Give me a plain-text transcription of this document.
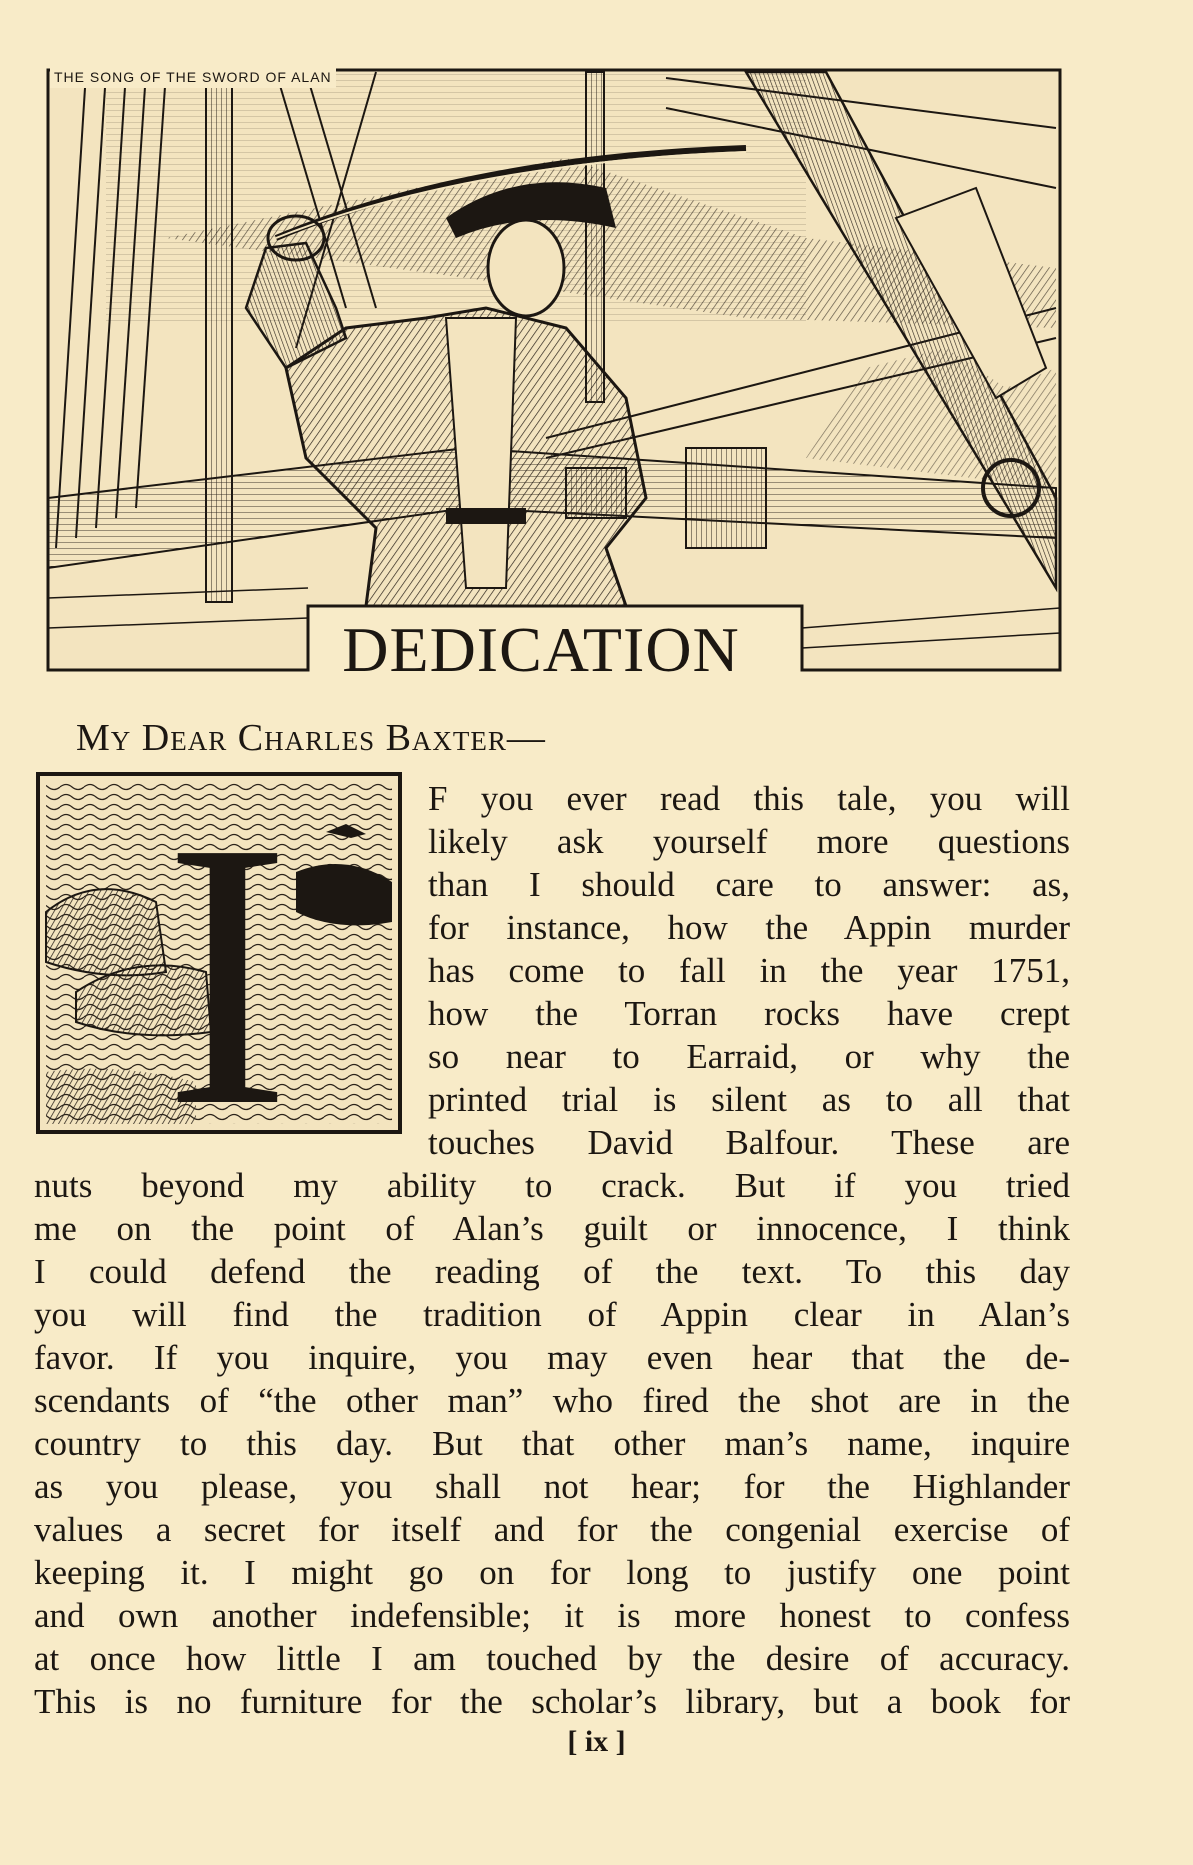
THE SONG OF THE SWORD OF ALAN
DEDICATION
My Dear Charles Baxter—
I	F you ever read this tale, you will
likely ask yourself more questions
than I should care to answer: as,
for instance, how the Appin murder
has come to fall in the year 1751,
how the Torran rocks have crept
so near to Earraid, or why the
printed trial is silent as to all that
touches David Balfour. These are
nuts beyond my ability to crack. But if you tried
me on the point of Alan’s guilt or innocence, I think
I could defend the reading of the text. To this day
you will find the tradition of Appin clear in Alan’s
favor. If you inquire, you may even hear that the de-
scendants of “the other man” who fired the shot are in the
country to this day. But that other man’s name, inquire
as you please, you shall not hear; for the Highlander
values a secret for itself and for the congenial exercise of
keeping it. I might go on for long to justify one point
and own another indefensible; it is more honest to confess
at once how little I am touched by the desire of accuracy.
This is no furniture for the scholar’s library, but a book for
[ ix ]
